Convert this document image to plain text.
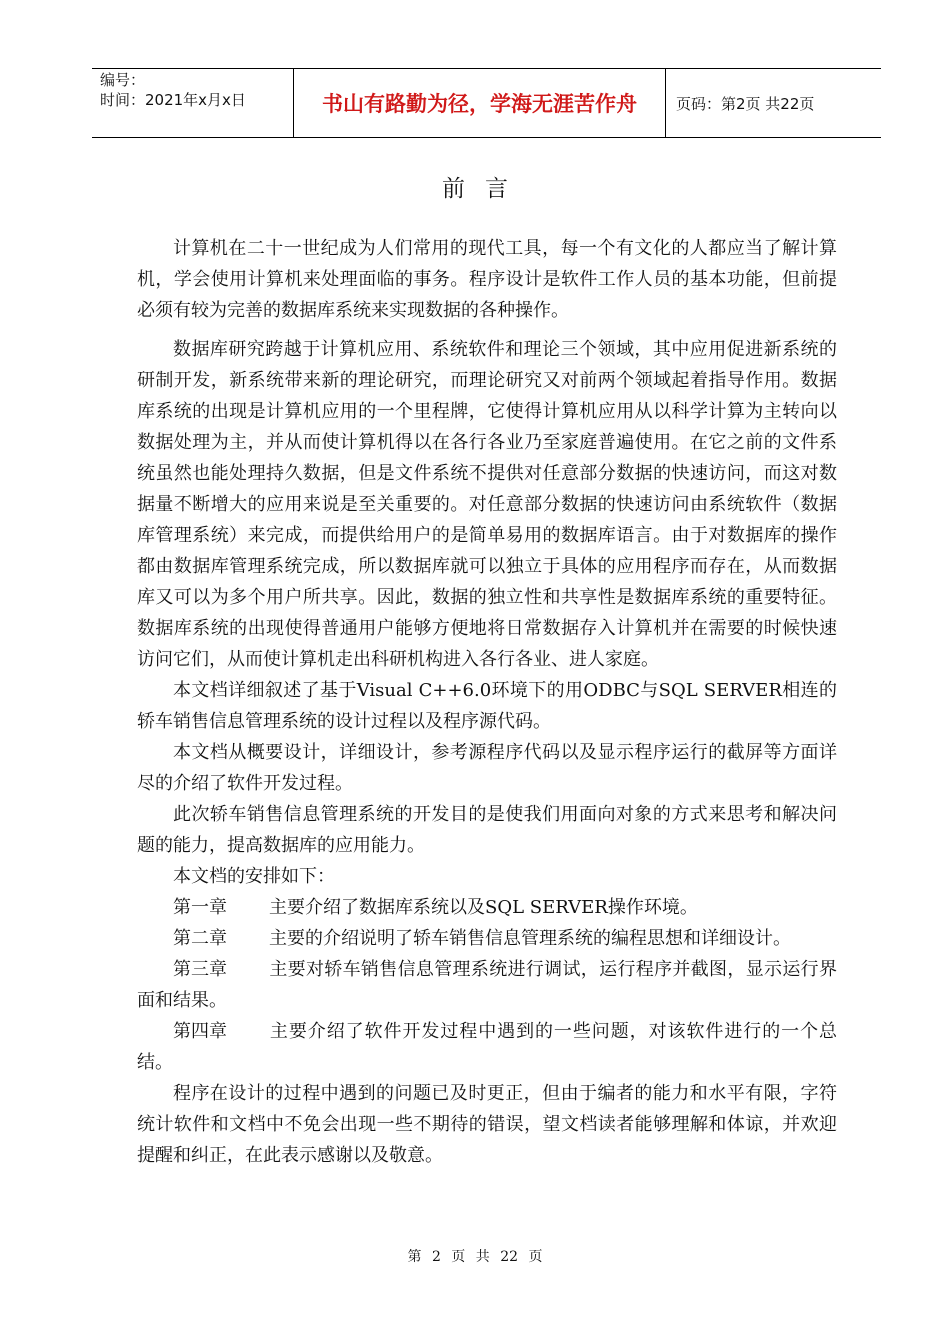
编号：
时间：2021年x月x日	书山有路勤为径，学海无涯苦作舟	页码：第2页 共22页
前言

计算机在二十一世纪成为人们常用的现代工具，每一个有文化的人都应当了解计算机，学会使用计算机来处理面临的事务。程序设计是软件工作人员的基本功能，但前提必须有较为完善的数据库系统来实现数据的各种操作。

数据库研究跨越于计算机应用、系统软件和理论三个领域，其中应用促进新系统的研制开发，新系统带来新的理论研究，而理论研究又对前两个领域起着指导作用。数据库系统的出现是计算机应用的一个里程牌，它使得计算机应用从以科学计算为主转向以数据处理为主，并从而使计算机得以在各行各业乃至家庭普遍使用。在它之前的文件系统虽然也能处理持久数据，但是文件系统不提供对任意部分数据的快速访问，而这对数据量不断增大的应用来说是至关重要的。对任意部分数据的快速访问由系统软件（数据库管理系统）来完成，而提供给用户的是简单易用的数据库语言。由于对数据库的操作都由数据库管理系统完成，所以数据库就可以独立于具体的应用程序而存在，从而数据库又可以为多个用户所共享。因此，数据的独立性和共享性是数据库系统的重要特征。数据库系统的出现使得普通用户能够方便地将日常数据存入计算机并在需要的时候快速访问它们，从而使计算机走出科研机构进入各行各业、进人家庭。

本文档详细叙述了基于Visual C++6.0环境下的用ODBC与SQL SERVER相连的轿车销售信息管理系统的设计过程以及程序源代码。

本文档从概要设计，详细设计，参考源程序代码以及显示程序运行的截屏等方面详尽的介绍了软件开发过程。

此次轿车销售信息管理系统的开发目的是使我们用面向对象的方式来思考和解决问题的能力，提高数据库的应用能力。

本文档的安排如下：

第一章 主要介绍了数据库系统以及SQL SERVER操作环境。

第二章 主要的介绍说明了轿车销售信息管理系统的编程思想和详细设计。

第三章 主要对轿车销售信息管理系统进行调试，运行程序并截图，显示运行界面和结果。

第四章 主要介绍了软件开发过程中遇到的一些问题，对该软件进行的一个总结。

程序在设计的过程中遇到的问题已及时更正，但由于编者的能力和水平有限，字符统计软件和文档中不免会出现一些不期待的错误，望文档读者能够理解和体谅，并欢迎提醒和纠正，在此表示感谢以及敬意。

第 2 页 共 22 页
